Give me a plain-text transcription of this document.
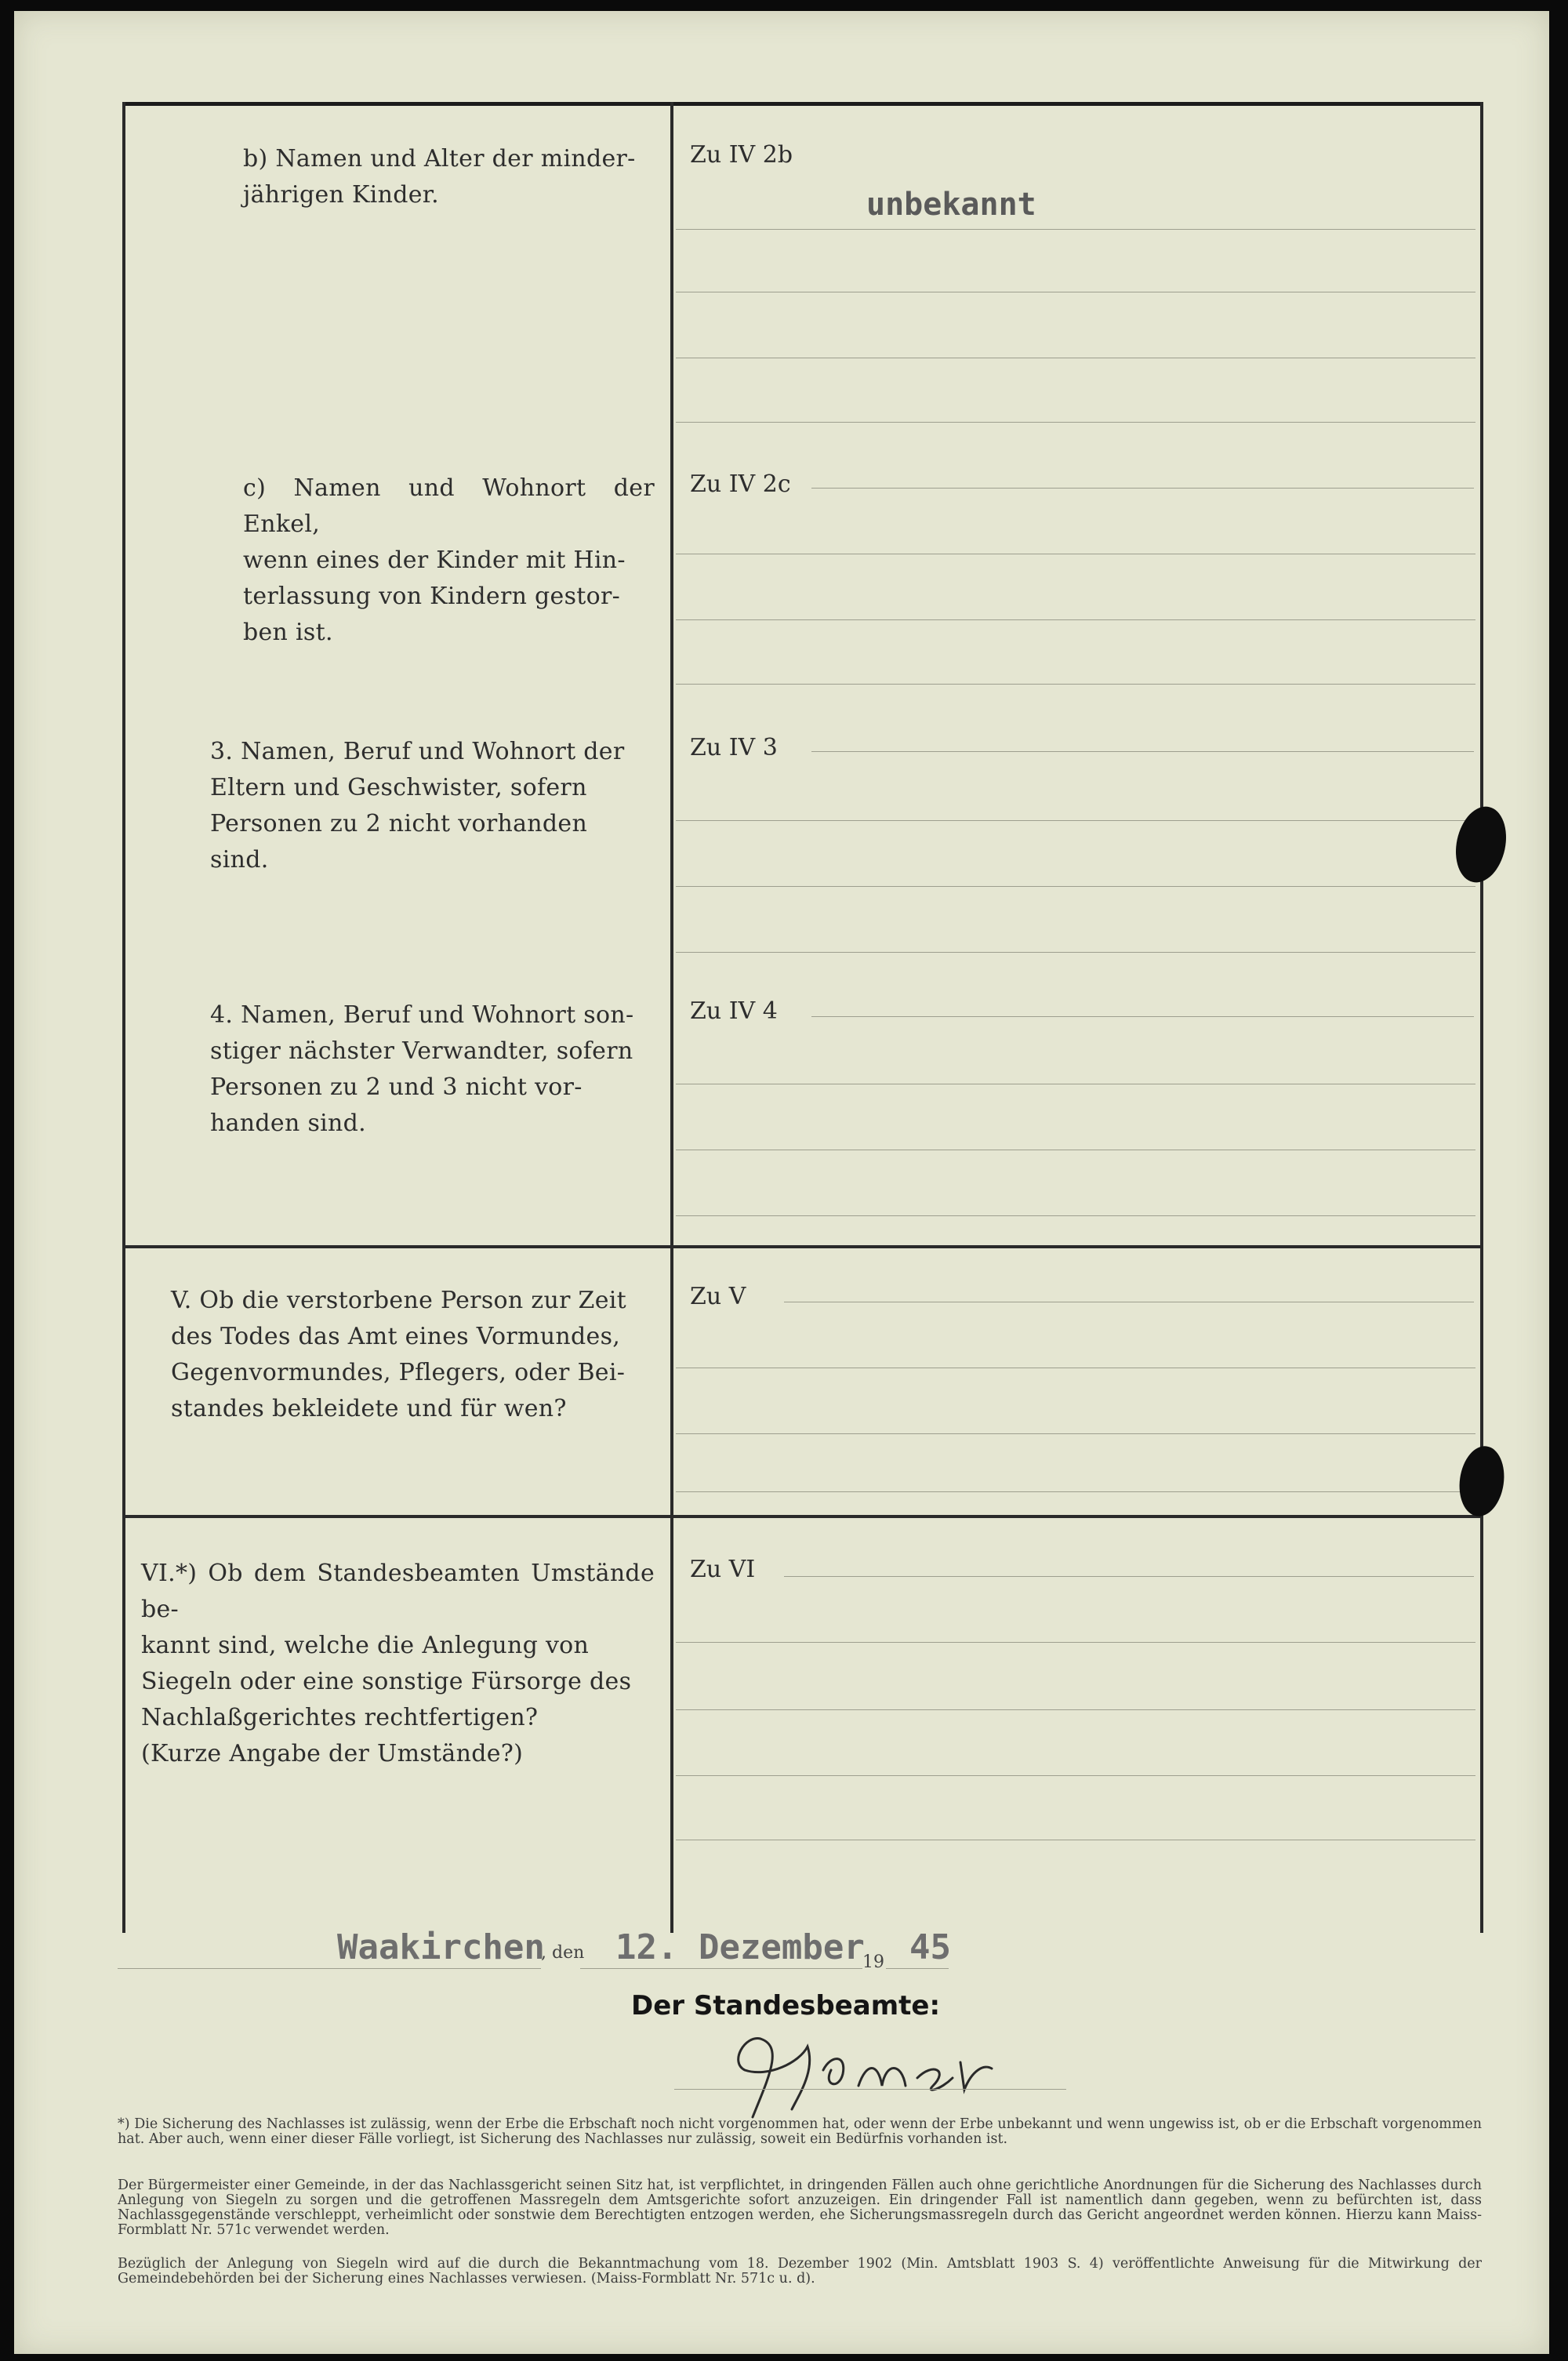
b) Namen und Alter der minder-
jährigen Kinder.
Zu IV 2b
unbekannt
c) Namen und Wohnort der Enkel,
wenn eines der Kinder mit Hin-
terlassung von Kindern gestor-
ben ist.
Zu IV 2c
3. Namen, Beruf und Wohnort der
Eltern und Geschwister, sofern
Personen zu 2 nicht vorhanden
sind.
Zu IV 3
4. Namen, Beruf und Wohnort son-
stiger nächster Verwandter, sofern
Personen zu 2 und 3 nicht vor-
handen sind.
Zu IV 4
V. Ob die verstorbene Person zur Zeit
des Todes das Amt eines Vormundes,
Gegenvormundes, Pflegers, oder Bei-
standes bekleidete und für wen?
Zu V
VI.*) Ob dem Standesbeamten Umstände be-
kannt sind, welche die Anlegung von
Siegeln oder eine sonstige Fürsorge des
Nachlaßgerichtes rechtfertigen?
(Kurze Angabe der Umstände?)
Zu VI
Waakirchen
, den 12. Dezember
19 45
Der Standesbeamte:
*) Die Sicherung des Nachlasses ist zulässig, wenn der Erbe die Erbschaft noch nicht vorgenommen hat, oder wenn der Erbe unbekannt und wenn ungewiss ist, ob er die Erbschaft vorgenommen hat. Aber auch, wenn einer dieser Fälle vorliegt, ist Sicherung des Nachlasses nur zulässig, soweit ein Bedürfnis vorhanden ist.
Der Bürgermeister einer Gemeinde, in der das Nachlassgericht seinen Sitz hat, ist verpflichtet, in dringenden Fällen auch ohne gerichtliche Anordnungen für die Sicherung des Nachlasses durch Anlegung von Siegeln zu sorgen und die getroffenen Massregeln dem Amtsgerichte sofort anzuzeigen. Ein dringender Fall ist namentlich dann gegeben, wenn zu befürchten ist, dass Nachlassgegenstände verschleppt, verheimlicht oder sonstwie dem Berechtigten entzogen werden, ehe Sicherungsmassregeln durch das Gericht angeordnet werden können. Hierzu kann Maiss-Formblatt Nr. 571c verwendet werden.
Bezüglich der Anlegung von Siegeln wird auf die durch die Bekanntmachung vom 18. Dezember 1902 (Min. Amtsblatt 1903 S. 4) veröffentlichte Anweisung für die Mitwirkung der Gemeindebehörden bei der Sicherung eines Nachlasses verwiesen. (Maiss-Formblatt Nr. 571c u. d).
